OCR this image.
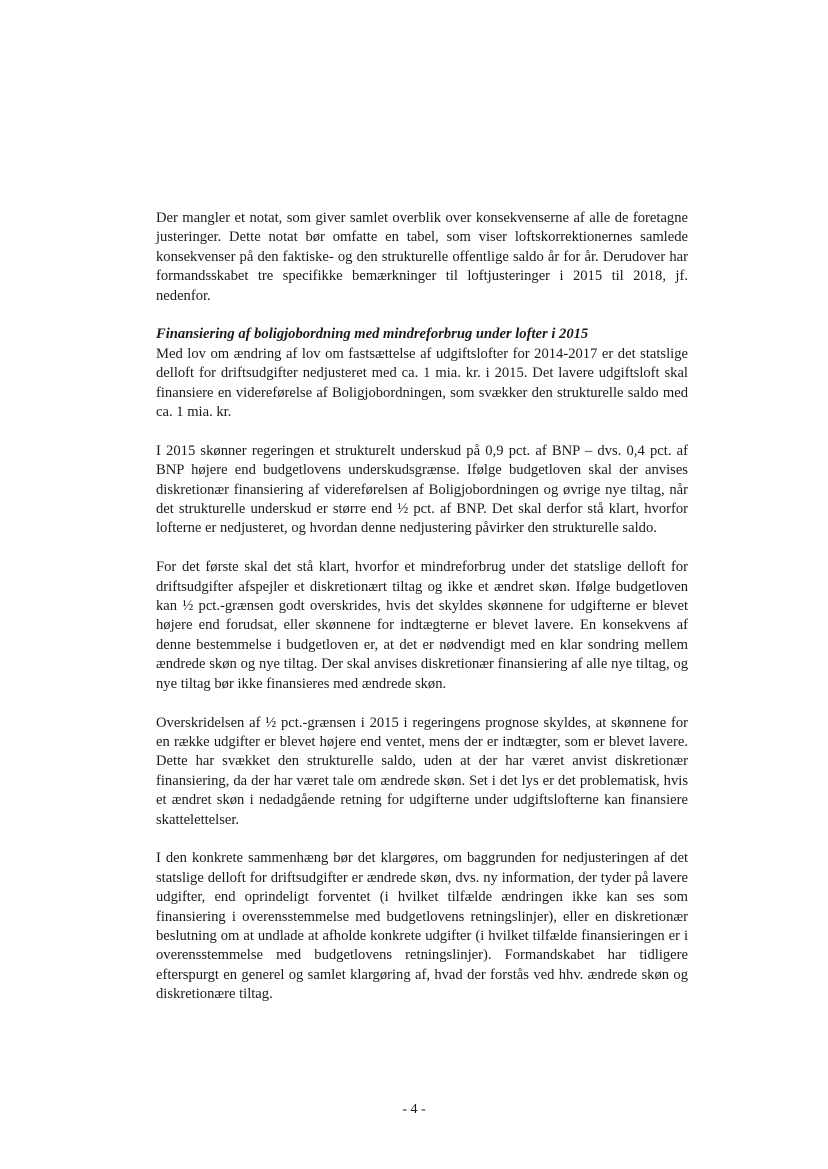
Der mangler et notat, som giver samlet overblik over konsekvenserne af alle de foretagne justeringer. Dette notat bør omfatte en tabel, som viser loftskorrektionernes samlede konsekvenser på den faktiske- og den strukturelle offentlige saldo år for år. Derudover har formandsskabet tre specifikke bemærkninger til loftjusteringer i 2015 til 2018, jf. nedenfor.

Finansiering af boligjobordning med mindreforbrug under lofter i 2015
Med lov om ændring af lov om fastsættelse af udgiftslofter for 2014-2017 er det statslige delloft for driftsudgifter nedjusteret med ca. 1 mia. kr. i 2015. Det lavere udgiftsloft skal finansiere en videreførelse af Boligjobordningen, som svækker den strukturelle saldo med ca. 1 mia. kr.

I 2015 skønner regeringen et strukturelt underskud på 0,9 pct. af BNP – dvs. 0,4 pct. af BNP højere end budgetlovens underskudsgrænse. Ifølge budgetloven skal der anvises diskretionær finansiering af videreførelsen af Boligjobordningen og øvrige nye tiltag, når det strukturelle underskud er større end ½ pct. af BNP. Det skal derfor stå klart, hvorfor lofterne er nedjusteret, og hvordan denne nedjustering påvirker den strukturelle saldo.

For det første skal det stå klart, hvorfor et mindreforbrug under det statslige delloft for driftsudgifter afspejler et diskretionært tiltag og ikke et ændret skøn. Ifølge budgetloven kan ½ pct.-grænsen godt overskrides, hvis det skyldes skønnene for udgifterne er blevet højere end forudsat, eller skønnene for indtægterne er blevet lavere. En konsekvens af denne bestemmelse i budgetloven er, at det er nødvendigt med en klar sondring mellem ændrede skøn og nye tiltag. Der skal anvises diskretionær finansiering af alle nye tiltag, og nye tiltag bør ikke finansieres med ændrede skøn.

Overskridelsen af ½ pct.-grænsen i 2015 i regeringens prognose skyldes, at skønnene for en række udgifter er blevet højere end ventet, mens der er indtægter, som er blevet lavere. Dette har svækket den strukturelle saldo, uden at der har været anvist diskretionær finansiering, da der har været tale om ændrede skøn. Set i det lys er det problematisk, hvis et ændret skøn i nedadgående retning for udgifterne under udgiftslofterne kan finansiere skattelettelser.

I den konkrete sammenhæng bør det klargøres, om baggrunden for nedjusteringen af det statslige delloft for driftsudgifter er ændrede skøn, dvs. ny information, der tyder på lavere udgifter, end oprindeligt forventet (i hvilket tilfælde ændringen ikke kan ses som finansiering i overensstemmelse med budgetlovens retningslinjer), eller en diskretionær beslutning om at undlade at afholde konkrete udgifter (i hvilket tilfælde finansieringen er i overensstemmelse med budgetlovens retningslinjer). Formandskabet har tidligere efterspurgt en generel og samlet klargøring af, hvad der forstås ved hhv. ændrede skøn og diskretionære tiltag.

- 4 -
